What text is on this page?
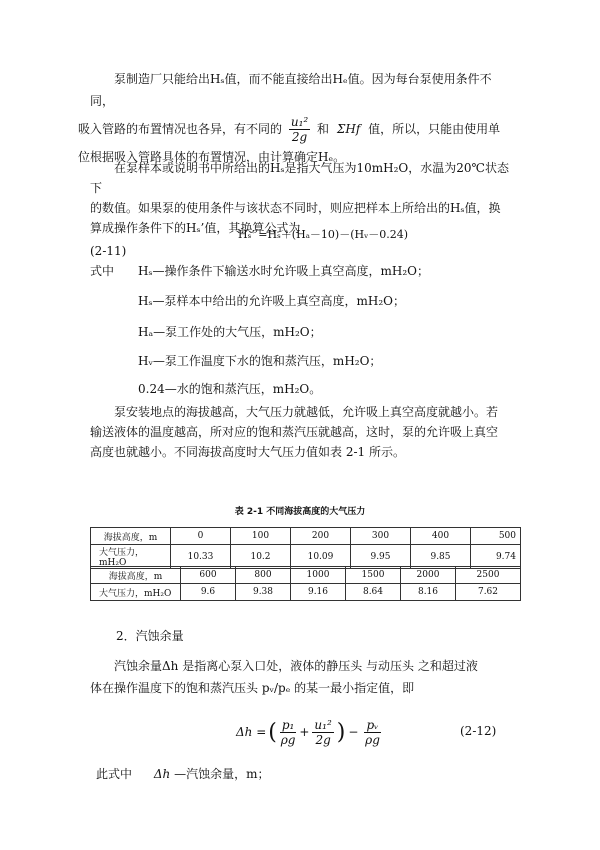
泵制造厂只能给出Hₛ值，而不能直接给出Hₑ值。因为每台泵使用条件不同，
吸入管路的布置情况也各异，有不同的 $\frac{\text{u₁²}}{2g}$ 和 ΣHf 值，所以，只能由使用单
位根据吸入管路具体的布置情况，由计算确定Hₑ。
在泵样本或说明书中所给出的Hₛ是指大气压为10mH₂O，水温为20℃状态下
的数值。如果泵的使用条件与该状态不同时，则应把样本上所给出的Hₛ值，换
算成操作条件下的Hₛ’值，其换算公式为
Hₛ’ =Hₛ＋(Hₐ－10)－(Hᵥ－0.24)
(2-11)
式中 Hₛ—操作条件下输送水时允许吸上真空高度，mH₂O；
Hₛ—泵样本中给出的允许吸上真空高度，mH₂O；
Hₐ—泵工作处的大气压，mH₂O；
Hᵥ—泵工作温度下水的饱和蒸汽压，mH₂O；
0.24—水的饱和蒸汽压，mH₂O。
泵安装地点的海拔越高，大气压力就越低，允许吸上真空高度就越小。若
输送液体的温度越高，所对应的饱和蒸汽压就越高，这时，泵的允许吸上真空
高度也就越小。不同海拔高度时大气压力值如表 2-1 所示。
表 2-1 不同海拔高度的大气压力
海拔高度，m	0	100	200	300	400	500
大气压力，mH₂O	10.33	10.2	10.09	9.95	9.85	9.74
海拔高度，m	600	800	1000	1500	2000	2500
大气压力，mH₂O	9.6	9.38	9.16	8.64	8.16	7.62
2．汽蚀余量
汽蚀余量Δh 是指离心泵入口处，液体的静压头 与动压头 之和超过液
体在操作温度下的饱和蒸汽压头 pᵥ/pₑ 的某一最小指定值，即
Δh = ( $\frac{\text{p₁}}{\rho g} + \frac{\text{u₁²}}{2g}$ ) − $\frac{\text{pᵥ}}{\rho g}$	(2-12)
此式中 Δh —汽蚀余量，m；
